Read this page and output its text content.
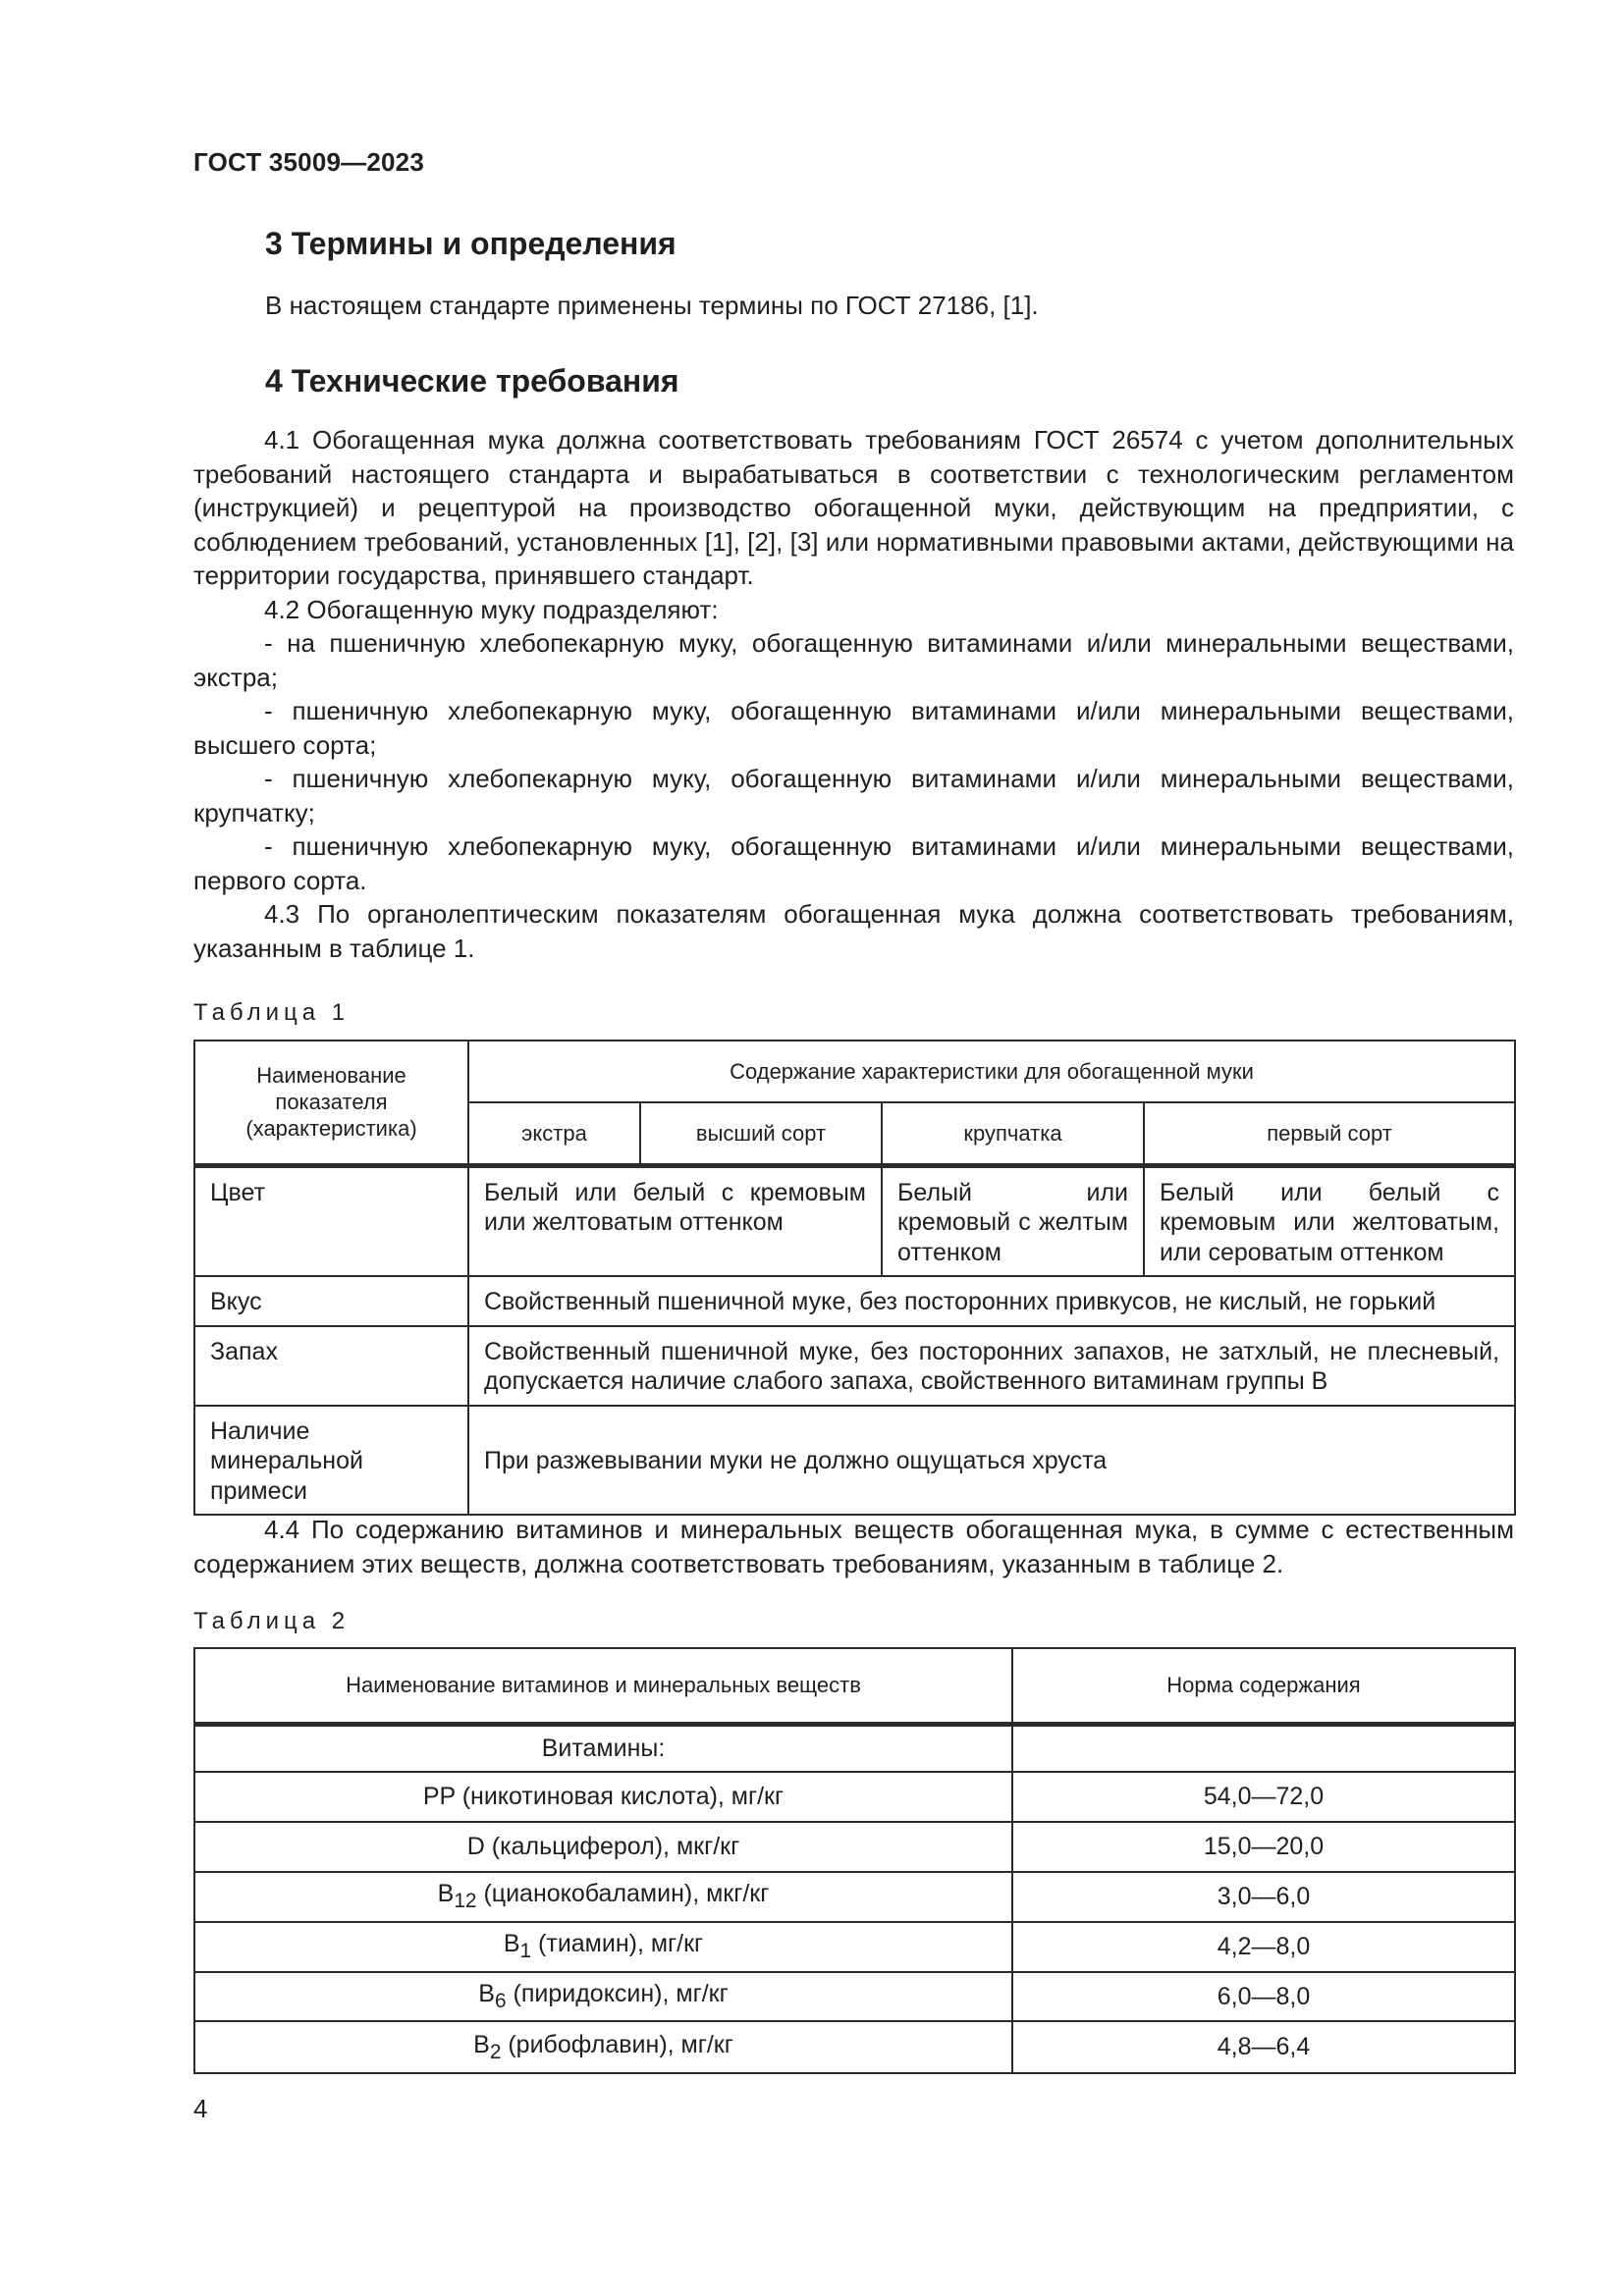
ГОСТ 35009—2023
3 Термины и определения
В настоящем стандарте применены термины по ГОСТ 27186, [1].
4 Технические требования

4.1 Обогащенная мука должна соответствовать требованиям ГОСТ 26574 с учетом дополнительных требований настоящего стандарта и вырабатываться в соответствии с технологическим регламентом (инструкцией) и рецептурой на производство обогащенной муки, действующим на предприятии, с соблюдением требований, установленных [1], [2], [3] или нормативными правовыми актами, действующими на территории государства, принявшего стандарт.

4.2 Обогащенную муку подразделяют:

- на пшеничную хлебопекарную муку, обогащенную витаминами и/или минеральными веществами, экстра;

- пшеничную хлебопекарную муку, обогащенную витаминами и/или минеральными веществами, высшего сорта;

- пшеничную хлебопекарную муку, обогащенную витаминами и/или минеральными веществами, крупчатку;

- пшеничную хлебопекарную муку, обогащенную витаминами и/или минеральными веществами, первого сорта.

4.3 По органолептическим показателям обогащенная мука должна соответствовать требованиям, указанным в таблице 1.

Таблица 1
Наименование показателя (характеристика)	Содержание характеристики для обогащенной муки			
	экстра	высший сорт	крупчатка	первый сорт
Цвет	Белый или белый с кремовым или желтоватым оттенком		Белый или кремовый с желтым оттенком	Белый или белый с кремовым или желтоватым, или сероватым оттенком
Вкус	Свойственный пшеничной муке, без посторонних привкусов, не кислый, не горький			
Запах	Свойственный пшеничной муке, без посторонних запахов, не затхлый, не плесневый, допускается наличие слабого запаха, свойственного витаминам группы В			
Наличие минеральной примеси	При разжевывании муки не должно ощущаться хруста			

4.4 По содержанию витаминов и минеральных веществ обогащенная мука, в сумме с естественным содержанием этих веществ, должна соответствовать требованиям, указанным в таблице 2.

Таблица 2
Наименование витаминов и минеральных веществ	Норма содержания
Витамины:	
PP (никотиновая кислота), мг/кг	54,0—72,0
D (кальциферол), мкг/кг	15,0—20,0
$B_{12}$ (цианокобаламин), мкг/кг	3,0—6,0
$B_1$ (тиамин), мг/кг	4,2—8,0
$B_6$ (пиридоксин), мг/кг	6,0—8,0
$B_2$ (рибофлавин), мг/кг	4,8—6,4
4
